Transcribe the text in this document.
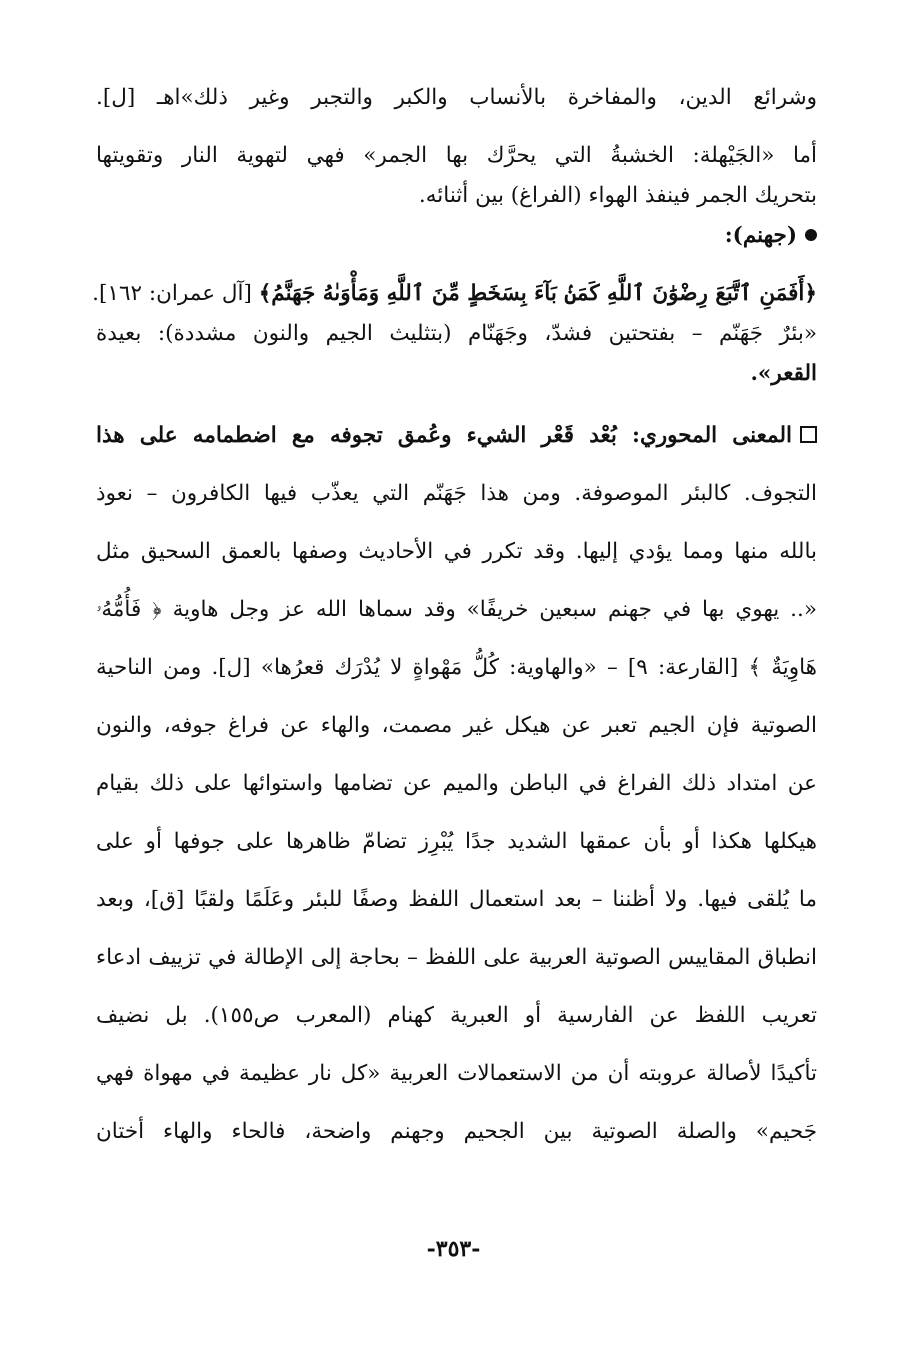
وشرائع الدين، والمفاخرة بالأنساب والكبر والتجبر وغير ذلك»اهـ [ل].
أما «الجَيْهلة: الخشبةُ التي يحرَّك بها الجمر» فهي لتهوية النار وتقويتها
بتحريك الجمر فينفذ الهواء (الفراغ) بين أثنائه.
(جهنم):
﴿أَفَمَنِ ٱتَّبَعَ رِضْوَٰنَ ٱللَّهِ كَمَنۢ بَآءَ بِسَخَطٍ مِّنَ ٱللَّهِ وَمَأْوَىٰهُ جَهَنَّمُ﴾ [آل عمران: ١٦٢].
«بئرٌ جَهَنّم – بفتحتين فشدّ، وجَهَنّام (بتثليث الجيم والنون مشددة): بعيدة
القعر».
المعنى المحوري: بُعْد قَعْر الشيء وعُمق تجوفه مع اضطمامه على هذا
التجوف. كالبئر الموصوفة. ومن هذا جَهَنّم التي يعذّب فيها الكافرون – نعوذ
بالله منها ومما يؤدي إليها. وقد تكرر في الأحاديث وصفها بالعمق السحيق مثل
«.. يهوي بها في جهنم سبعين خريفًا» وقد سماها الله عز وجل هاوية ﴿ فَأُمُّهُۥ
هَاوِيَةٌ ﴾ [القارعة: ٩] – «والهاوية: كُلُّ مَهْواةٍ لا يُدْرَك قعرُها» [ل]. ومن الناحية
الصوتية فإن الجيم تعبر عن هيكل غير مصمت، والهاء عن فراغ جوفه، والنون
عن امتداد ذلك الفراغ في الباطن والميم عن تضامها واستوائها على ذلك بقيام
هيكلها هكذا أو بأن عمقها الشديد جدًا يُبْرِز تضامّ ظاهرها على جوفها أو على
ما يُلقى فيها. ولا أظننا – بعد استعمال اللفظ وصفًا للبئر وعَلَمًا ولقبًا [ق]، وبعد
انطباق المقاييس الصوتية العربية على اللفظ – بحاجة إلى الإطالة في تزييف ادعاء
تعريب اللفظ عن الفارسية أو العبرية كهنام (المعرب ص١٥٥). بل نضيف
تأكيدًا لأصالة عروبته أن من الاستعمالات العربية «كل نار عظيمة في مهواة فهي
جَحيم» والصلة الصوتية بين الجحيم وجهنم واضحة، فالحاء والهاء أختان
-٣٥٣-
